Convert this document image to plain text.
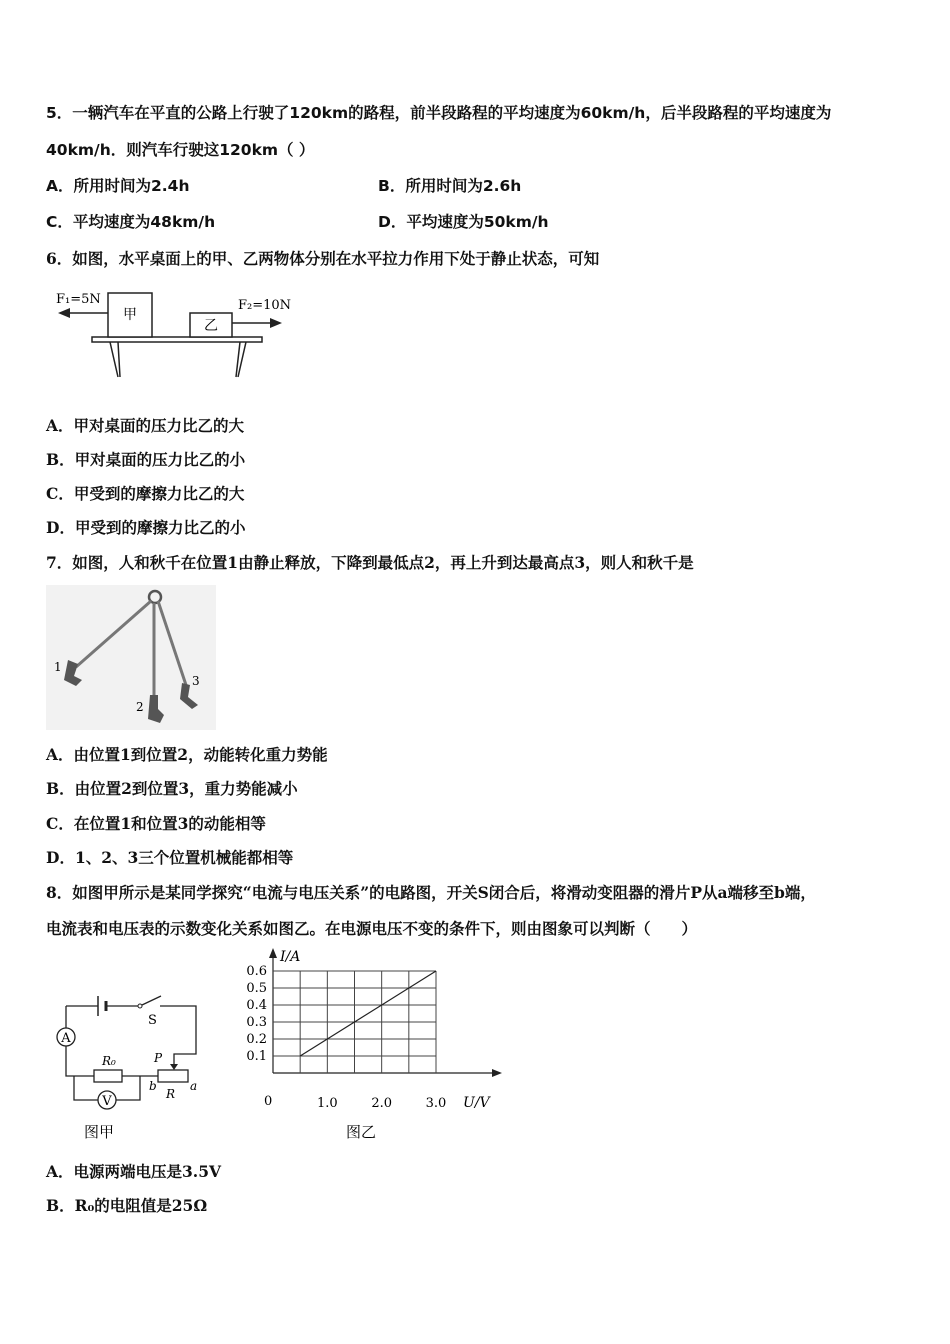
5．一辆汽车在平直的公路上行驶了120km的路程，前半段路程的平均速度为60km/h，后半段路程的平均速度为
40km/h．则汽车行驶这120km（ ）
A．所用时间为2.4h	B．所用时间为2.6h
C．平均速度为48km/h	D．平均速度为50km/h
6．如图，水平桌面上的甲、乙两物体分别在水平拉力作用下处于静止状态，可知
甲
乙
F₁=5N	F₂=10N
A．甲对桌面的压力比乙的大
B．甲对桌面的压力比乙的小
C．甲受到的摩擦力比乙的大
D．甲受到的摩擦力比乙的小
7．如图，人和秋千在位置1由静止释放，下降到最低点2，再上升到达最高点3，则人和秋千是
1
2
3
A．由位置1到位置2，动能转化重力势能
B．由位置2到位置3，重力势能减小
C．在位置1和位置3的动能相等
D．1、2、3三个位置机械能都相等
8．如图甲所示是某同学探究“电流与电压关系”的电路图，开关S闭合后，将滑动变阻器的滑片P从a端移至b端，
电流表和电压表的示数变化关系如图乙。在电源电压不变的条件下，则由图象可以判断（　　）
S
A
R₀	P
R
b	a
V
图甲
0.1
0.2
0.3
0.4
0.5
0.6
1.0	2.0	3.0
I/A
U/V
0
图乙
A．电源两端电压是3.5V
B．R₀的电阻值是25Ω
